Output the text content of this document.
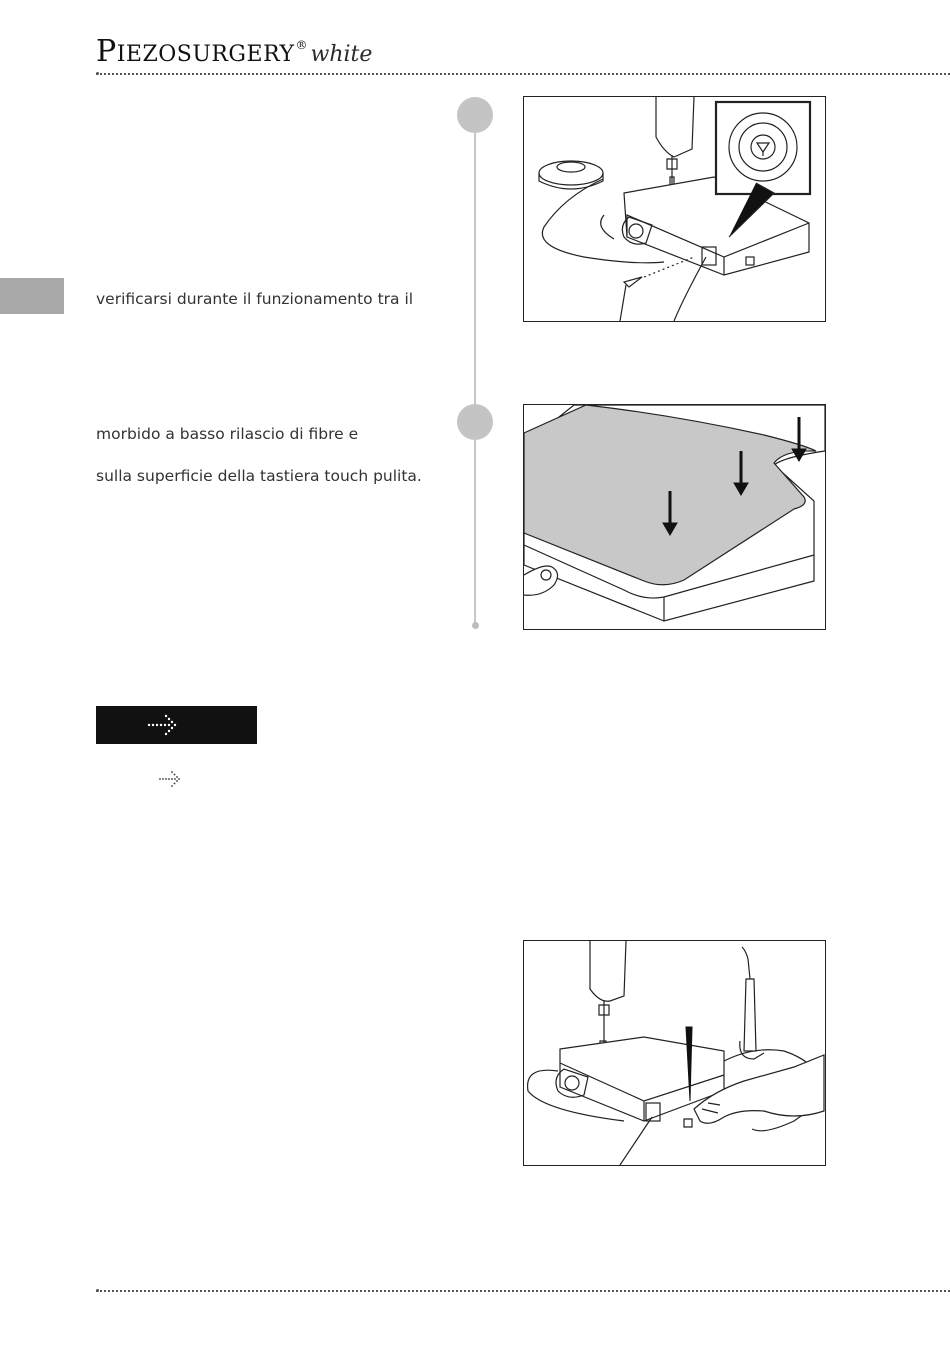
PIEZOSURGERY® white
verificarsi durante il funzionamento tra il
morbido a basso rilascio di fibre e
sulla superficie della tastiera touch pulita.
